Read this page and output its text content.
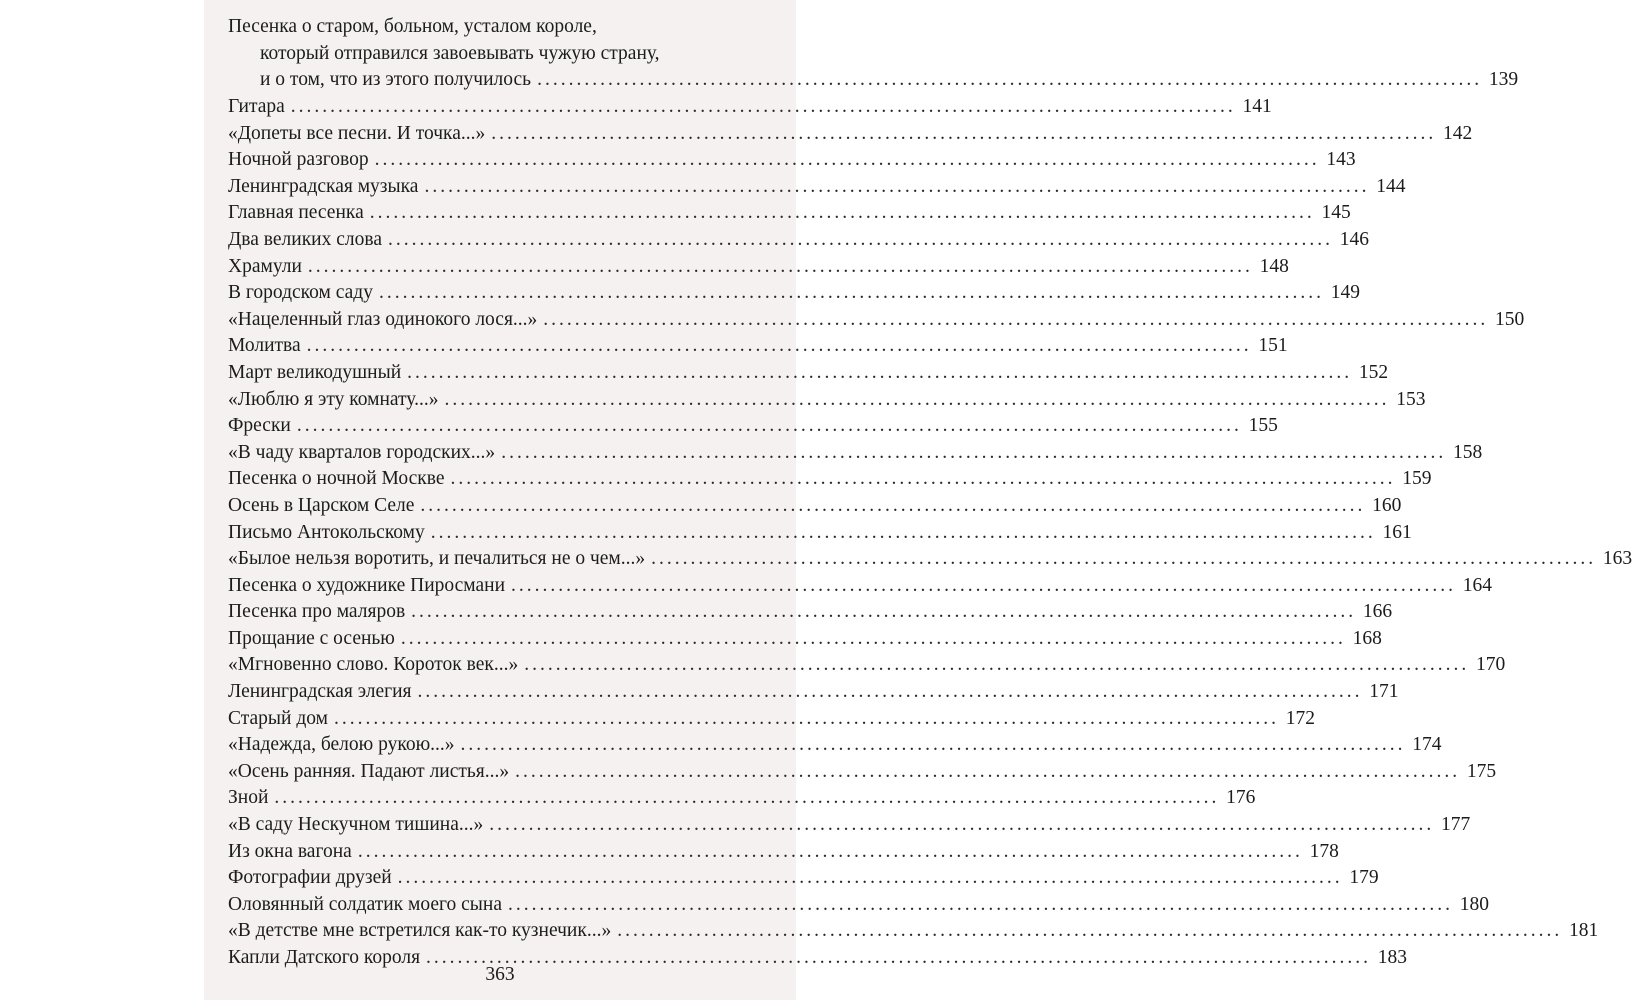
Песенка о старом, больном, усталом короле,
который отправился завоевывать чужую страну,
и о том, что из этого получилось ........................................................................................................................ 139
Гитара ........................................................................................................................ 141
«Допеты все песни. И точка...» ........................................................................................................................ 142
Ночной разговор ........................................................................................................................ 143
Ленинградская музыка ........................................................................................................................ 144
Главная песенка ........................................................................................................................ 145
Два великих слова ........................................................................................................................ 146
Храмули ........................................................................................................................ 148
В городском саду ........................................................................................................................ 149
«Нацеленный глаз одинокого лося...» ........................................................................................................................ 150
Молитва ........................................................................................................................ 151
Март великодушный ........................................................................................................................ 152
«Люблю я эту комнату...» ........................................................................................................................ 153
Фрески ........................................................................................................................ 155
«В чаду кварталов городских...» ........................................................................................................................ 158
Песенка о ночной Москве ........................................................................................................................ 159
Осень в Царском Селе ........................................................................................................................ 160
Письмо Антокольскому ........................................................................................................................ 161
«Былое нельзя воротить, и печалиться не о чем...» ........................................................................................................................ 163
Песенка о художнике Пиросмани ........................................................................................................................ 164
Песенка про маляров ........................................................................................................................ 166
Прощание с осенью ........................................................................................................................ 168
«Мгновенно слово. Короток век...» ........................................................................................................................ 170
Ленинградская элегия ........................................................................................................................ 171
Старый дом ........................................................................................................................ 172
«Надежда, белою рукою...» ........................................................................................................................ 174
«Осень ранняя. Падают листья...» ........................................................................................................................ 175
Зной ........................................................................................................................ 176
«В саду Нескучном тишина...» ........................................................................................................................ 177
Из окна вагона ........................................................................................................................ 178
Фотографии друзей ........................................................................................................................ 179
Оловянный солдатик моего сына ........................................................................................................................ 180
«В детстве мне встретился как-то кузнечик...» ........................................................................................................................ 181
Капли Датского короля ........................................................................................................................ 183
363
